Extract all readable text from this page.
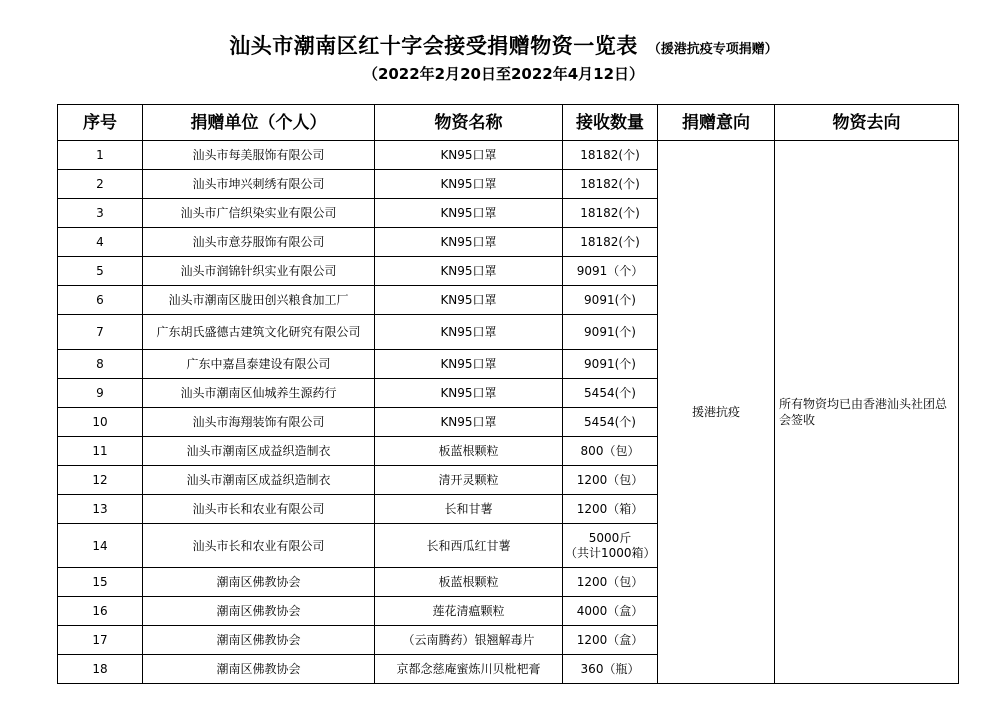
汕头市潮南区红十字会接受捐赠物资一览表 （援港抗疫专项捐赠）
（2022年2月20日至2022年4月12日）
序号	捐赠单位（个人）	物资名称	接收数量	捐赠意向	物资去向
1	汕头市每美服饰有限公司	KN95口罩	18182(个)	援港抗疫	所有物资均已由香港汕头社团总会签收
2	汕头市坤兴刺绣有限公司	KN95口罩	18182(个)		
3	汕头市广信织染实业有限公司	KN95口罩	18182(个)		
4	汕头市意芬服饰有限公司	KN95口罩	18182(个)		
5	汕头市润锦针织实业有限公司	KN95口罩	9091（个）		
6	汕头市潮南区胧田创兴粮食加工厂	KN95口罩	9091(个)		
7	广东胡氏盛德古建筑文化研究有限公司	KN95口罩	9091(个)		
8	广东中嘉昌泰建设有限公司	KN95口罩	9091(个)		
9	汕头市潮南区仙城养生源药行	KN95口罩	5454(个)		
10	汕头市海翔装饰有限公司	KN95口罩	5454(个)		
11	汕头市潮南区成益织造制衣	板蓝根颗粒	800（包）		
12	汕头市潮南区成益织造制衣	清开灵颗粒	1200（包）		
13	汕头市长和农业有限公司	长和甘薯	1200（箱）		
14	汕头市长和农业有限公司	长和西瓜红甘薯	5000斤
（共计1000箱）		
15	潮南区佛教协会	板蓝根颗粒	1200（包）		
16	潮南区佛教协会	莲花清瘟颗粒	4000（盒）		
17	潮南区佛教协会	（云南腾药）银翘解毒片	1200（盒）		
18	潮南区佛教协会	京都念慈庵蜜炼川贝枇杷膏	360（瓶）		
